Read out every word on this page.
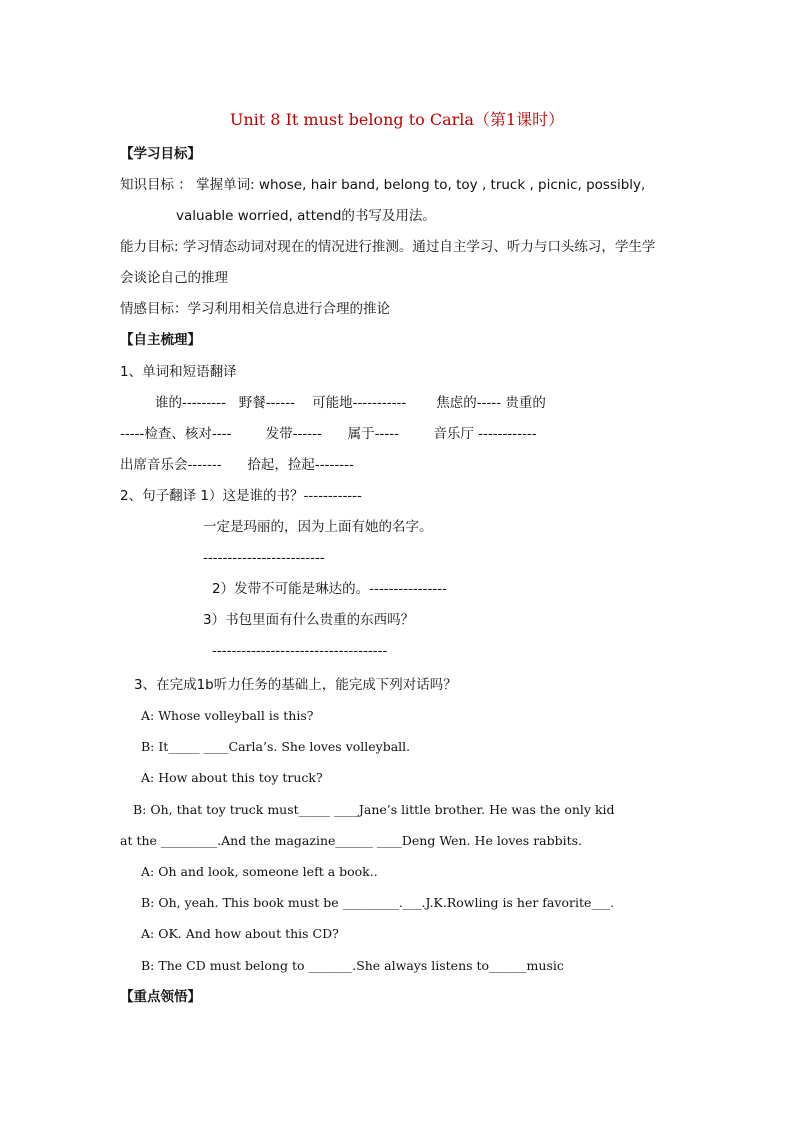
Unit 8 It must belong to Carla（第1课时）
【学习目标】
知识目标 ： 掌握单词: whose, hair band, belong to, toy , truck , picnic, possibly,
valuable worried, attend的书写及用法。
能力目标: 学习情态动词对现在的情况进行推测。通过自主学习、听力与口头练习，学生学
会谈论自己的推理
情感目标：学习利用相关信息进行合理的推论
【自主梳理】
1、单词和短语翻译
谁的---------   野餐------    可能地-----------       焦虑的----- 贵重的
-----检查、核对----        发带------      属于-----        音乐厅 ------------
出席音乐会-------      拾起，捡起--------
2、句子翻译 1）这是谁的书？------------
一定是玛丽的，因为上面有她的名字。
-------------------------
2）发带不可能是琳达的。----------------
3）书包里面有什么贵重的东西吗？
------------------------------------
3、在完成1b听力任务的基础上，能完成下列对话吗？
A: Whose volleyball is this?
B: It_____ ____Carla’s. She loves volleyball.
A: How about this toy truck?
B: Oh, that toy truck must_____ ____Jane’s little brother. He was the only kid
at the _________.And the magazine______ ____Deng Wen. He loves rabbits.
A: Oh and look, someone left a book..
B: Oh, yeah. This book must be _________.___.J.K.Rowling is her favorite___.
A: OK. And how about this CD?
B: The CD must belong to _______.She always listens to______music
【重点领悟】
